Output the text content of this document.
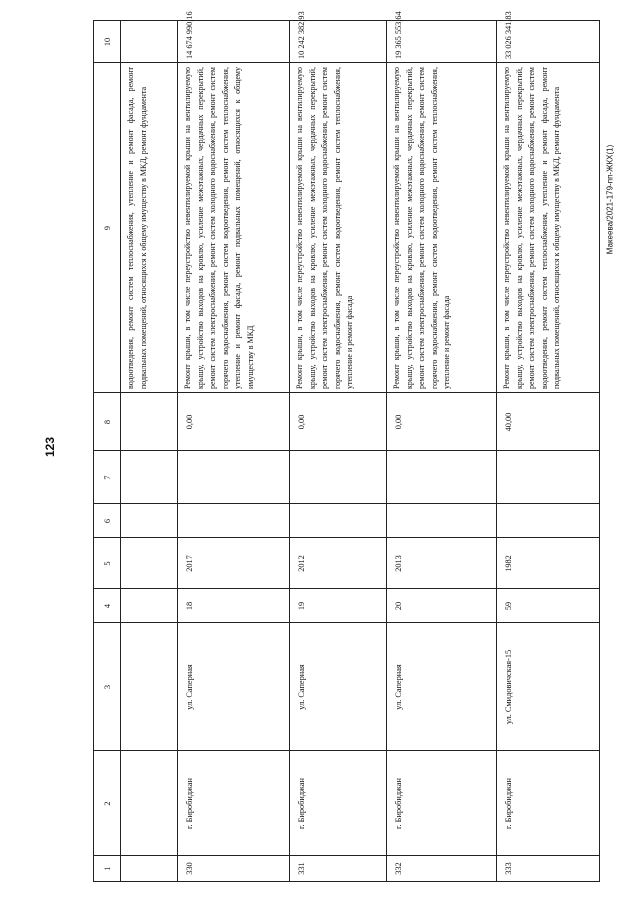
123
Макеева/2021-179-пп-ЖКХ(1)
1
2
3
4
5
6
7
8
9
10
водоотведения, ремонт систем теплоснабжения, утепление и ремонт фасада, ремонт подвальных помещений, относящихся к общему имуществу в МКД, ремонт фундамента
330
г. Биробиджан
ул. Саперная
18
2017
0,00
Ремонт крыши, в том числе переустройство невентилируемой крыши на вентилируемую крышу, устройство выходов на кровлю, усиление межэтажных, чердачных перекрытий, ремонт систем электроснабжения, ремонт систем холодного водоснабжения, ремонт систем горячего водоснабжения, ремонт систем водоотведения, ремонт систем теплоснабжения, утепление и ремонт фасада, ремонт подвальных помещений, относящихся к общему имуществу в МКД
14 674 990,16
331
г. Биробиджан
ул. Саперная
19
2012
0,00
Ремонт крыши, в том числе переустройство невентилируемой крыши на вентилируемую крышу, устройство выходов на кровлю, усиление межэтажных, чердачных перекрытий, ремонт систем электроснабжения, ремонт систем холодного водоснабжения, ремонт систем горячего водоснабжения, ремонт систем водоотведения, ремонт систем теплоснабжения, утепление и ремонт фасада
10 242 382,93
332
г. Биробиджан
ул. Саперная
20
2013
0,00
Ремонт крыши, в том числе переустройство невентилируемой крыши на вентилируемую крышу, устройство выходов на кровлю, усиление межэтажных, чердачных перекрытий, ремонт систем электроснабжения, ремонт систем холодного водоснабжения, ремонт систем горячего водоснабжения, ремонт систем водоотведения, ремонт систем теплоснабжения, утепление и ремонт фасада
19 365 553,64
333
г. Биробиджан
ул. Смидовичская-15
59
1982
40,00
Ремонт крыши, в том числе переустройство невентилируемой крыши на вентилируемую крышу, устройство выходов на кровлю, усиление межэтажных, чердачных перекрытий, ремонт систем электроснабжения, ремонт систем холодного водоснабжения, ремонт систем водоотведения, ремонт систем теплоснабжения, утепление и ремонт фасада, ремонт подвальных помещений, относящихся к общему имуществу в МКД, ремонт фундамента
33 026 341,83
